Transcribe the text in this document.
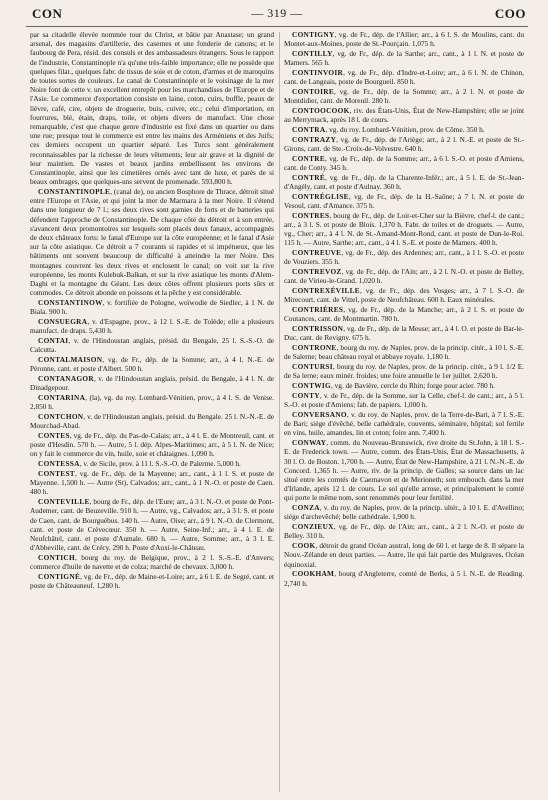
CON	— 319 —	COO

par sa citadelle élevée nommée tour du Christ, et bâtie par Anastase; un grand arsenal, des magasins d'artillerie, des casernes et une fonderie de canons; et le faubourg de Pera, résid. des consuls et des ambassadeurs étrangers. Sous le rapport de l'industrie, Constantinople n'a qu'une très-faible importance; elle ne possède que quelques filat., quelques fabr. de tissus de soie et de coton, d'armes et de maroquins de toutes sortes de couleurs. Le canal de Constantinople et le voisinage de la mer Noire font de cette v. un excellent entrepôt pour les marchandises de l'Europe et de l'Asie. Le commerce d'exportation consiste en laine, coton, cuirs, buffle, peaux de lièvre, café, cire, objets de droguerie, buis, cuivre, etc.; celui d'importation, en fourrures, blé, étain, draps, toile, et objets divers de manufact. Une chose remarquable, c'est que chaque genre d'industrie est fixé dans un quartier ou dans une rue; presque tout le commerce est entre les mains des Arméniens et des Juifs; ces derniers occupent un quartier séparé. Les Turcs sont généralement reconnaissables par la richesse de leurs vêtements; leur air grave et la dignité de leur maintien. De vastes et beaux jardins embellissent les environs de Constantinople, ainsi que les cimetières ornés avec tant de luxe, et parés de si beaux ombrages, que quelques-uns servent de promenade. 593,800 h.

CONSTANTINOPLE, (canal de), ou ancien Bosphore de Thrace, détroit situé entre l'Europe et l'Asie, et qui joint la mer de Marmara à la mer Noire. Il s'étend dans une longueur de 7 l.; ses deux rives sont garnies de forts et de batteries qui défendent l'approche de Constantinople. De chaque côté du détroit et à son entrée, s'avancent deux promontoires sur lesquels sont placés deux fanaux, accompagnés de deux châteaux forts: le fanal d'Europe sur la côte européenne; et le fanal d'Asie sur la côte asiatique. Ce détroit a 7 courants si rapides et si impétueux, que les bâtiments ont souvent beaucoup de difficulté à atteindre la mer Noire. Des montagnes couvrent les deux rives et enclosent le canal; on voit sur la rive européenne, les monts Kulebuk-Balkan, et sur la rive asiatique les monts d'Alem-Daghi et la montagne du Géant. Les deux côtes offrent plusieurs ports sûrs et commodes. Ce détroit abonde en poissons et la pêche y est considérable.

CONSTANTINOW, v. fortifiée de Pologne, woïwodie de Siedlec, à 1 N. de Biala. 900 h.

CONSUEGRA, v. d'Espagne, prov., à 12 l. S.-E. de Tolède; elle a plusieurs manufact. de draps. 5,430 h.

CONTAI, v. de l'Hindoustan anglais, présid. du Bengale, 25 l. S.-S.-O. de Calcutta.

CONTALMAISON, vg. de Fr., dép. de la Somme; arr., à 4 l. N.-E. de Péronne, cant. et poste d'Albert. 500 h.

CONTANAGOR, v. de l'Hindoustan anglais, présid. du Bengale, à 4 l. N. de Dinadgepour.

CONTARINA, (la), vg. du roy. Lombard-Vénitien, prov., à 4 l. S. de Venise. 2,850 h.

CONTCHON, v. de l'Hindoustan anglais, présid. du Bengale. 25 l. N.-N.-E. de Mourchad-Abad.

CONTES, vg. de Fr., dép. du Pas-de-Calais; arr., à 4 l. E. de Montreuil, cant. et poste d'Hesdin. 570 h. — Autre, 5 l. dép. Alpes-Maritimes; arr., à 5 l. N. de Nice; on y fait le commerce du vin, huile, soie et châtaignes. 1,090 h.

CONTESSA, v. de Sicile, prov. à 11 l. S.-S.-O. de Palerme. 5,000 h.

CONTEST, vg. de Fr., dép. de la Mayenne; arr., cant., à 1 l. S. et poste de Mayenne. 1,500 h. — Autre (St), Calvados; arr., cant., à 1 N.-O. et poste de Caen. 480 h.

CONTEVILLE, bourg de Fr., dép. de l'Eure; arr., à 3 l. N.-O. et poste de Pont-Audemer, cant. de Beuzeville. 910 h. — Autre, vg., Calvados; arr., à 3 l. S. et poste de Caen, cant. de Bourguébus. 140 h. — Autre, Oise; arr., à 9 l. N.-O. de Clermont, cant. et poste de Crèvecœur. 350 h. — Autre, Seine-Inf.; arr., à 4 l. E. de Neufchâtel, cant. et poste d'Aumale. 680 h. — Autre, Somme; arr., à 3 l. E. d'Abbeville, cant. de Crécy. 290 h. Poste d'Auxi-le-Château.

CONTICH, bourg du roy. de Belgique, prov., à 2 l. S.-S.-E. d'Anvers; commerce d'huile de navette et de colza; marché de chevaux. 3,000 h.

CONTIGNÉ, vg. de Fr., dép. de Maine-et-Loire; arr., à 6 l. E. de Segré, cant. et poste de Châteauneuf. 1,280 h.

CONTIGNY, vg. de Fr., dép. de l'Allier; arr., à 6 l. S. de Moulins, cant. du Montet-aux-Moines, poste de St.-Pourçain. 1,075 h.

CONTILLY, vg. de Fr., dép. de la Sarthe; arr., cant., à 1 l. N. et poste de Mamers. 565 h.

CONTINVOIR, vg. de Fr., dép. d'Indre-et-Loire; arr., à 6 l. N. de Chinon, cant. de Langeais, poste de Bourgueil. 850 h.

CONTOIRE, vg. de Fr., dép. de la Somme; arr., à 2 l. N. et poste de Montdidier, cant. de Moreuil. 280 h.

CONTOOCOOK, riv. des États-Unis, État de New-Hampshire; elle se joint au Merrymack, après 18 l. de cours.

CONTRA, vg. du roy. Lombard-Vénitien, prov. de Côme. 350 h.

CONTRAZY, vg. de Fr., dép. de l'Ariège; arr., à 2 l. N.-E. et poste de St.-Girons, cant. de Ste.-Croix-de-Volvestre. 640 h.

CONTRE, vg. de Fr., dép. de la Somme; arr., à 6 l. S.-O. et poste d'Amiens, cant. de Conty. 345 h.

CONTRÉ, vg. de Fr., dép. de la Charente-Infér.; arr., à 5 l. E. de St.-Jean-d'Angély, cant. et poste d'Aulnay. 360 h.

CONTRÉGLISE, vg. de Fr., dép. de la H.-Saône; à 7 l. N. et poste de Vesoul, cant. d'Amance. 375 h.

CONTRES, bourg de Fr., dép. de Loir-et-Cher sur la Bièvre, chef-l. de cant.; arr., à 3 l. S. et poste de Blois. 1,370 h. Fabr. de toiles et de droguets. — Autre, vg., Cher; arr., à 4 l. N. de St.-Amand-Mont-Rond, cant. et poste de Dun-le-Roi. 115 h. — Autre, Sarthe; arr., cant., à 4 l. S.-E. et poste de Mamers. 400 h.

CONTREUVE, vg. de Fr., dép. des Ardennes; arr., cant., à 1 l. S.-O. et poste de Vouziers. 355 h.

CONTREVOZ, vg. de Fr., dép. de l'Ain; arr., à 2 l. N.-O. et poste de Belley, cant. de Virieu-le-Grand. 1,020 h.

CONTREXÉVILLE, vg. de Fr., dép. des Vosges; arr., à 7 l. S.-O. de Mirecourt, cant. de Vittel, poste de Neufchâteau. 600 h. Eaux minérales.

CONTRIÈRES, vg. de Fr., dép. de la Manche; arr., à 2 l. S. et poste de Coutances, cant. de Montmartin. 780 h.

CONTRISSON, vg. de Fr., dép. de la Meuse; arr., à 4 l. O. et poste de Bar-le-Duc, cant. de Revigny. 675 h.

CONTRONE, bourg du roy. de Naples, prov. de la princip. citér., à 10 l. S.-E. de Salerne; beau château royal et abbaye royale. 1,180 h.

CONTURSI, bourg du roy. de Naples, prov. de la princip. citér., à 9 l. 1/2 E. de Sa lerne; eaux minér. froides; une foire annuelle le 1er juillet. 2,620 h.

CONTWIG, vg. de Bavière, cercle du Rhin; forge pour acier. 780 h.

CONTY, v. de Fr., dép. de la Somme, sur la Celle, chef-l. de cant.; arr., à 5 l. S.-O. et poste d'Amiens; fab. de papiers. 1,000 h.

CONVERSANO, v. du roy. de Naples, prov. de la Terre-de-Bari, à 7 l. S.-E. de Bari; siége d'évêché, belle cathédrale, couvents, séminaire, hôpital; sol fertile en vins, huile, amandes, lin et coton; foire ann. 7,400 h.

CONWAY, comm. du Nouveau-Brunswick, rive droite du St.John, à 18 l. S.-E. de Frederick town. — Autre, comm. des États-Unis, État de Massachusetts, à 30 l. O. de Boston. 1,700 h. — Autre, État de New-Hampshire, à 21 l. N.-N.-E. de Concord. 1,365 h. — Autre, riv. de la princip. de Galles; sa source dans un lac situé entre les comtés de Caernavon et de Merioneth; son embouch. dans la mer d'Irlande, après 12 l. de cours. Le sol qu'elle arrose, et principalement le comté qui porte le même nom, sont renommés pour leur fertilité.

CONZA, v. du roy. de Naples, prov. de la princip. ultér., à 10 l. E. d'Avellino; siége d'archevêché; belle cathédrale. 1,900 h.

CONZIEUX, vg. de Fr., dép. de l'Ain; arr., cant., à 2 l. N.-O. et poste de Belley. 310 h.

COOK, détroit du grand Océan austral, long de 60 l. et large de 8. Il sépare la Nouv.-Zélande en deux parties. — Autre, île qui fait partie des Mulgraves, Océan équinoxial.

COOKHAM, bourg d'Angleterre, comté de Berks, à 5 l. N.-E. de Reading. 2,740 h.
